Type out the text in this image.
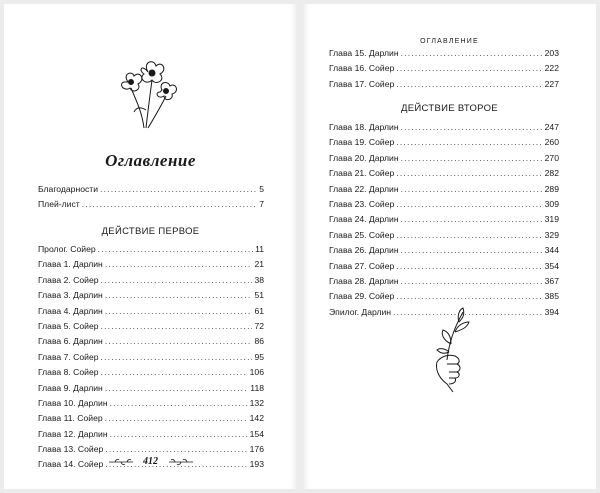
Оглавление
Благодарности . . .	5
Плей-лист . . .	7
ДЕЙСТВИЕ ПЕРВОЕ
Пролог. Сойер . . .	11
Глава 1. Дарлин . . .	21
Глава 2. Сойер . . .	38
Глава 3. Дарлин . . .	51
Глава 4. Дарлин . . .	61
Глава 5. Сойер . . .	72
Глава 6. Дарлин . . .	86
Глава 7. Сойер . . .	95
Глава 8. Сойер . . .	106
Глава 9. Дарлин . . .	118
Глава 10. Дарлин . . .	132
Глава 11. Сойер . . .	142
Глава 12. Дарлин . . .	154
Глава 13. Сойер . . .	176
Глава 14. Сойер . . .	193
412
ОГЛАВЛЕНИЕ
Глава 15. Дарлин . . .	203
Глава 16. Сойер . . .	222
Глава 17. Сойер . . .	227
ДЕЙСТВИЕ ВТОРОЕ
Глава 18. Дарлин . . .	247
Глава 19. Сойер . . .	260
Глава 20. Дарлин . . .	270
Глава 21. Сойер . . .	282
Глава 22. Дарлин . . .	289
Глава 23. Сойер . . .	309
Глава 24. Дарлин . . .	319
Глава 25. Сойер . . .	329
Глава 26. Дарлин . . .	344
Глава 27. Сойер . . .	354
Глава 28. Дарлин . . .	367
Глава 29. Сойер . . .	385
Эпилог. Дарлин . . .	394
